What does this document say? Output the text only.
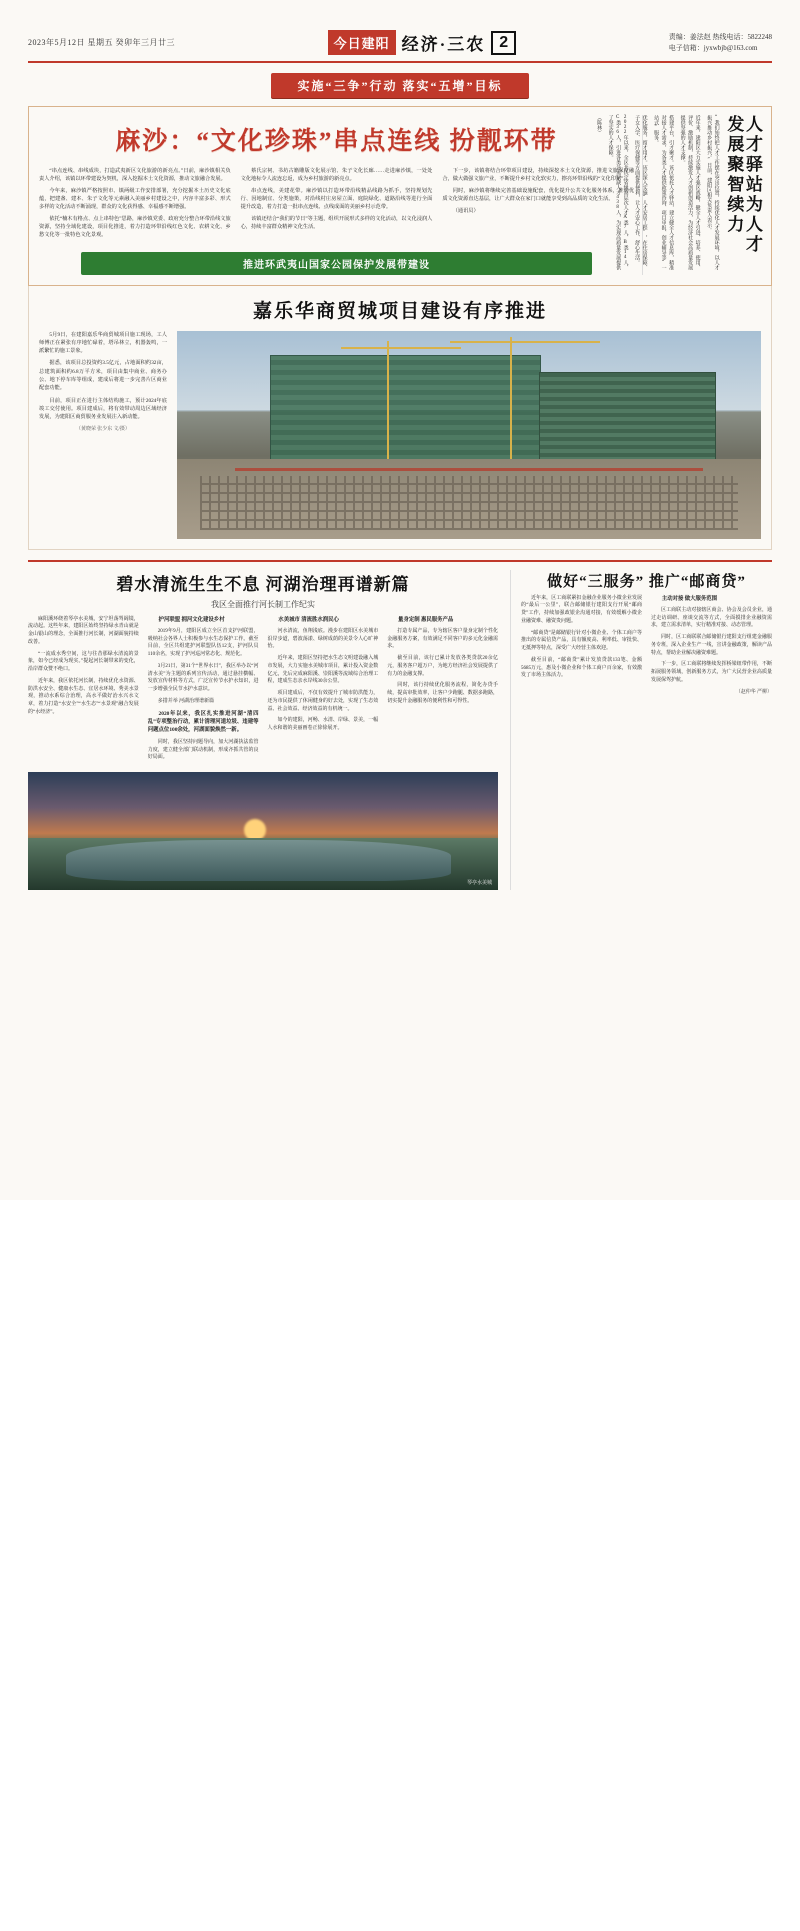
2023年5月12日 星期五 癸卯年三月廿三	今日建阳 经济·三农 2	责编：姜法赵 热线电话：5822248
电子信箱：jyxwbjb@163.com
实施“三争”行动 落实“五增”目标
麻沙：“文化珍珠”串点连线 扮靓环带

“串点连线、串线成块，打造武夷新区文化旅游的新亮点。”日前，麻沙镇相关负责人介绍，该镇以环带建设为契机，深入挖掘本土文化资源，推动文旅融合发展。

今年来，麻沙镇严格按照市、镇两级工作安排部署，充分挖掘本土历史文化底蕴，把建盏、建本、朱子文化等元素融入美丽乡村建设之中，内容丰富多彩、形式多样的文化活动不断涌现，群众的文化获得感、幸福感不断增强。

依托“楠木有格点、点上串特色”思路，麻沙镇党委、政府充分整合环带沿线文旅资源，坚持全域化建设，项目化推进，着力打造环带沿线红色文化、农耕文化、乡愁文化等一批特色文化景观。

蔡氏宗祠、书坊古籍雕版文化展示馆、朱子文化长廊……走进麻沙镇，一处处文化地标令人流连忘返，成为乡村旅游的新亮点。

串点连线，美建花带。麻沙镇以打造环带沿线精品线路为抓手，坚持规划先行、因地制宜、分类施策，对沿线村庄房屋立面、庭院绿化、道路沿线等进行全面提升改造，着力打造一批串点连线、点线成面的美丽乡村示范带。

该镇还结合“我们的节日”等主题，组织开展形式多样的文化活动，以文化浸润人心，持续丰富群众精神文化生活。

下一步，该镇将结合环带项目建设，持续深挖本土文化资源，推进文旅深度融合，做大做强文旅产业，不断提升乡村文化软实力，擦亮环带沿线的“文化印记”。

同时，麻沙镇将继续完善基础设施配套，优化提升公共文化服务体系，推动优质文化资源直达基层，让广大群众在家门口就能享受到高品质的文化生活。

（通讯员）

推进环武夷山国家公园保护发展带建设
人才驿站为人才发展聚智续力
“我们始终把人才工作摆在突出位置，持续优化人才发展环境，以人才振兴推动乡村振兴。”日前，建阳区相关负责人表示。
近年来，建阳区大力实施人才强区战略，健全人才引进、培养、使用、评价、激励机制，持续激发人才创新创造活力，为经济社会高质量发展提供坚强的人才支撑。
搭建平台，引才聚才。该区依托人才驿站，建立健全人才信息库，精准对接人才需求，为各类人才提供政策咨询、项目申报、创业辅导等“一站式”服务。
优化服务，留才用才。该区深入实施“人才安居工程”，在住房保障、子女入学、医疗保健等方面提供便利，让人才安心工作、舒心生活。
2022年以来，全区共认定省级高层次人才A类7人、B类14人、C类36人，引进各类急需紧缺人才438人，为实现高质量发展提供了坚实的人才保障。
（陈林）
嘉乐华商贸城项目建设有序推进

5月9日，在建阳嘉乐华商贸城项目施工现场，工人师傅正在紧张有序地忙碌着，塔吊林立，机器轰鸣，一派繁忙的施工景象。

据悉，该项目总投资约3.5亿元，占地面积约32亩，总建筑面积约6.8万平方米，项目由集中商业、商务办公、地下停车库等组成，建成后将进一步完善片区商业配套功能。

目前，项目正在进行主体结构施工，预计2024年底竣工交付使用。项目建成后，将有效带动周边区域经济发展，为建阳区商贸服务业发展注入新动能。

（黄晓荣 张少东 文/摄）
碧水清流生生不息 河湖治理再谱新篇
我区全面推行河长制工作纪实

麻阳溪环绕着琴亭水美城，安宁坦荡驾阔镜，流动起。这些年来，建阳区始终坚持绿水青山就是金山银山的理念，全面推行河长制，河湖面貌持续改善。

“一流成水秀空间，这与往昔那绿水清流的景象，如今已经成为现实。”提起河长制带来的变化，沿岸群众赞不绝口。

近年来，我区依托河长制，持续优化水资源、防洪水安全、健康水生态、宜居水环境、秀美水景观，推动水系综合治理，高水平做好治水兴水文章，着力打造“水安全”“水生态”“水景观”融合发展的“水经济”。

护河联盟 拥河文化建设乡村

2019年9月，建阳区成立全区首支护河联盟，吸纳社会各界人士积极参与水生态保护工作。截至目前，全区共组建护河联盟队伍12支，护河队员110余名，实现了护河巡河常态化、规范化。

3月21日，第31个“世界水日”，我区举办以“河清水美”为主题的系列宣传活动，通过悬挂横幅、发放宣传材料等方式，广泛宣传节水护水知识，进一步增强全民节水护水意识。

多措并举 河湖治理谱新篇

2020年以来，我区扎实推进河湖“清四乱”专项整治行动，累计清理河道垃圾、违建等问题点位100余处，河湖面貌焕然一新。

同时，我区坚持问题导向，加大河湖执法监管力度，建立健全部门联动机制，形成齐抓共管的良好局面。

水美城市 清流胜水润民心

河水清流，鱼翔浅底。漫步在建阳区水美城市沿岸步道，碧波荡漾、绿树成荫的美景令人心旷神怡。

近年来，建阳区坚持把水生态文明建设融入城市发展，大力实施水美城市项目，累计投入资金数亿元，先后完成麻阳溪、崇阳溪等流域综合治理工程，建成生态亲水岸线30余公里。

项目建成后，不仅有效提升了城市防洪能力，还为市民提供了休闲健身的好去处，实现了生态效益、社会效益、经济效益的有机统一。

如今的建阳，河畅、水清、岸绿、景美，一幅人水和谐的美丽画卷正徐徐展开。

量身定制 惠民服务产品

打造专属产品，专为辖区客户量身定制个性化金融服务方案，有效满足不同客户的多元化金融需求。

截至目前，该行已累计发放各类贷款20余亿元，服务客户超万户，为地方经济社会发展提供了有力的金融支撑。

同时，该行持续优化服务流程，简化办贷手续，提高审批效率，让客户少跑腿、数据多跑路，切实提升金融服务的便利性和可得性。

琴亭水美城
做好“三服务” 推广“邮商贷”

近年来，区工商联紧扣金融企业服务小微企业发展的“最后一公里”，联合邮储银行建阳支行开展“邮商贷”工作，持续加强政银企沟通对接，有效缓解小微企业融资难、融资贵问题。

“邮商贷”是邮储银行针对小微企业、个体工商户等推出的专属信贷产品，具有额度高、利率低、审批快、无抵押等特点，深受广大经营主体欢迎。

截至目前，“邮商贷”累计发放贷款133笔、金额5685万元，惠及小微企业和个体工商户百余家，有效激发了市场主体活力。

主动对接 做大服务范围

区工商联主动对接辖区商会、协会及会员企业，通过走访调研、座谈交流等方式，全面摸排企业融资需求，建立需求清单，实行精准对接、动态管理。

同时，区工商联联合邮储银行建阳支行组建金融服务专班，深入企业生产一线，宣讲金融政策，解读产品特点，帮助企业解决融资难题。

下一步，区工商联将继续发挥桥梁纽带作用，不断拓展服务领域，创新服务方式，为广大民营企业高质量发展保驾护航。

（赵仲华 严柳）
